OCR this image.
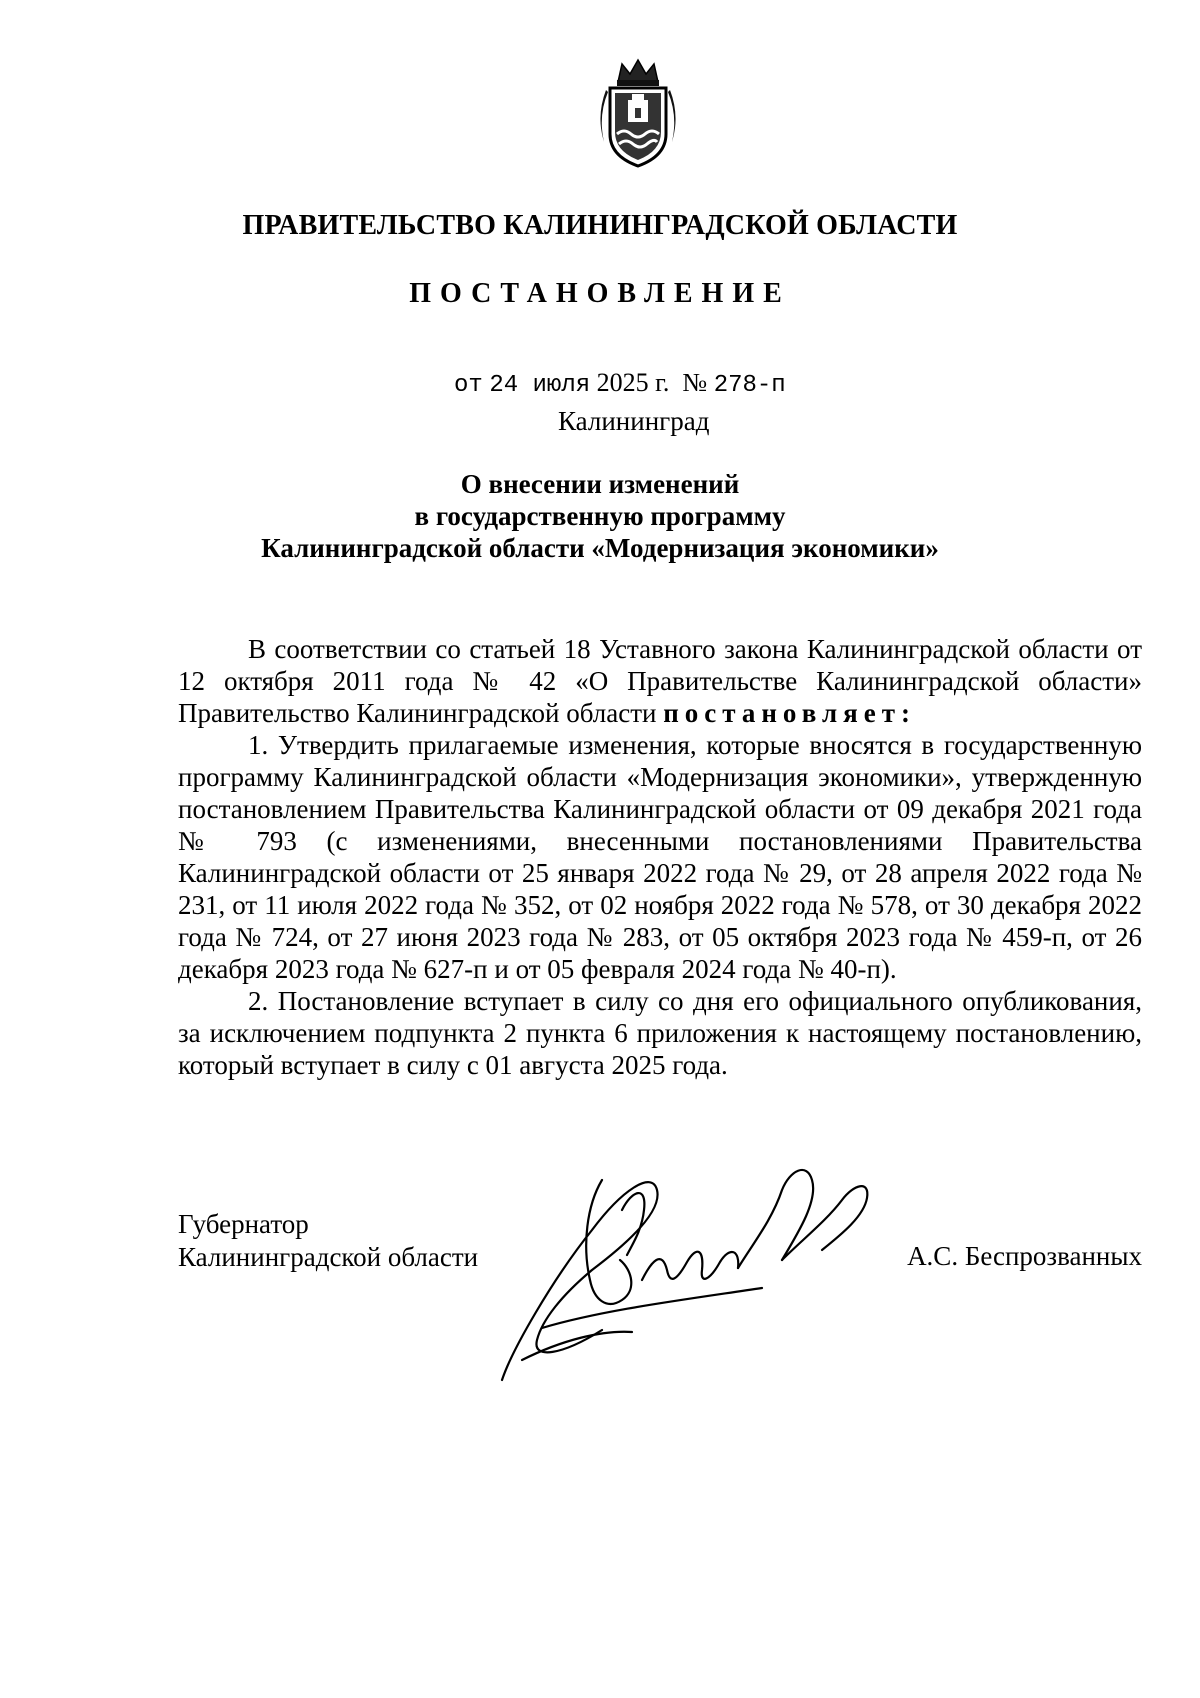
ПРАВИТЕЛЬСТВО КАЛИНИНГРАДСКОЙ ОБЛАСТИ
ПОСТАНОВЛЕНИЕ
от 24 июля 2025 г. № 278-п
Калининград
О внесении изменений
в государственную программу
Калининградской области «Модернизация экономики»

В соответствии со статьей 18 Уставного закона Калининградской области от 12 октября 2011 года № 42 «О Правительстве Калининградской области» Правительство Калининградской области постановляет:

1. Утвердить прилагаемые изменения, которые вносятся в государственную программу Калининградской области «Модернизация экономики», утвержденную постановлением Правительства Калининградской области от 09 декабря 2021 года № 793 (с изменениями, внесенными постановлениями Правительства Калининградской области от 25 января 2022 года № 29, от 28 апреля 2022 года № 231, от 11 июля 2022 года № 352, от 02 ноября 2022 года № 578, от 30 декабря 2022 года № 724, от 27 июня 2023 года № 283, от 05 октября 2023 года № 459-п, от 26 декабря 2023 года № 627-п и от 05 февраля 2024 года № 40-п).

2. Постановление вступает в силу со дня его официального опубликования, за исключением подпункта 2 пункта 6 приложения к настоящему постановлению, который вступает в силу с 01 августа 2025 года.

Губернатор
Калининградской области	А.С. Беспрозванных
